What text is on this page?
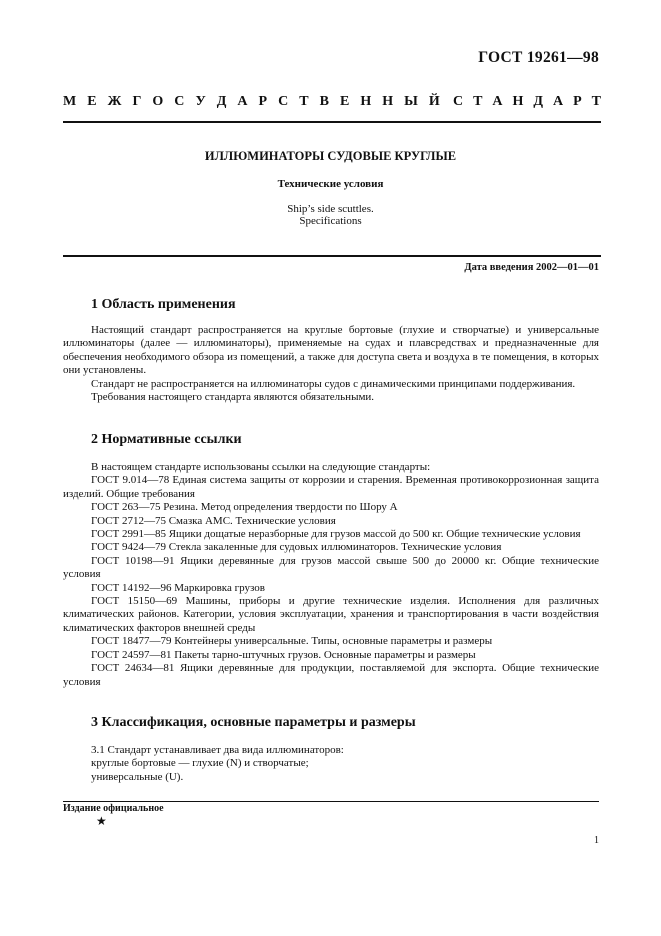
ГОСТ 19261—98
М Е Ж Г О С У Д А Р С Т В Е Н Н Ы Й С Т А Н Д А Р Т
ИЛЛЮМИНАТОРЫ СУДОВЫЕ КРУГЛЫЕ
Технические условия
Ship’s side scuttles.
Specifications
Дата введения 2002—01—01
1 Область применения

Настоящий стандарт распространяется на круглые бортовые (глухие и створчатые) и универсальные иллюминаторы (далее — иллюминаторы), применяемые на судах и плавсредствах и предназначенные для обеспечения необходимого обзора из помещений, а также для доступа света и воздуха в те помещения, в которых они установлены.

Стандарт не распространяется на иллюминаторы судов с динамическими принципами поддерживания.

Требования настоящего стандарта являются обязательными.

2 Нормативные ссылки

В настоящем стандарте использованы ссылки на следующие стандарты:

ГОСТ 9.014—78 Единая система защиты от коррозии и старения. Временная противокоррозионная защита изделий. Общие требования

ГОСТ 263—75 Резина. Метод определения твердости по Шору А

ГОСТ 2712—75 Смазка АМС. Технические условия

ГОСТ 2991—85 Ящики дощатые неразборные для грузов массой до 500 кг. Общие технические условия

ГОСТ 9424—79 Стекла закаленные для судовых иллюминаторов. Технические условия

ГОСТ 10198—91 Ящики деревянные для грузов массой свыше 500 до 20000 кг. Общие технические условия

ГОСТ 14192—96 Маркировка грузов

ГОСТ 15150—69 Машины, приборы и другие технические изделия. Исполнения для различных климатических районов. Категории, условия эксплуатации, хранения и транспортирования в части воздействия климатических факторов внешней среды

ГОСТ 18477—79 Контейнеры универсальные. Типы, основные параметры и размеры

ГОСТ 24597—81 Пакеты тарно-штучных грузов. Основные параметры и размеры

ГОСТ 24634—81 Ящики деревянные для продукции, поставляемой для экспорта. Общие технические условия

3 Классификация, основные параметры и размеры
3.1 Стандарт устанавливает два вида иллюминаторов:
круглые бортовые — глухие (N) и створчатые;
универсальные (U).
Издание официальное
★
1
